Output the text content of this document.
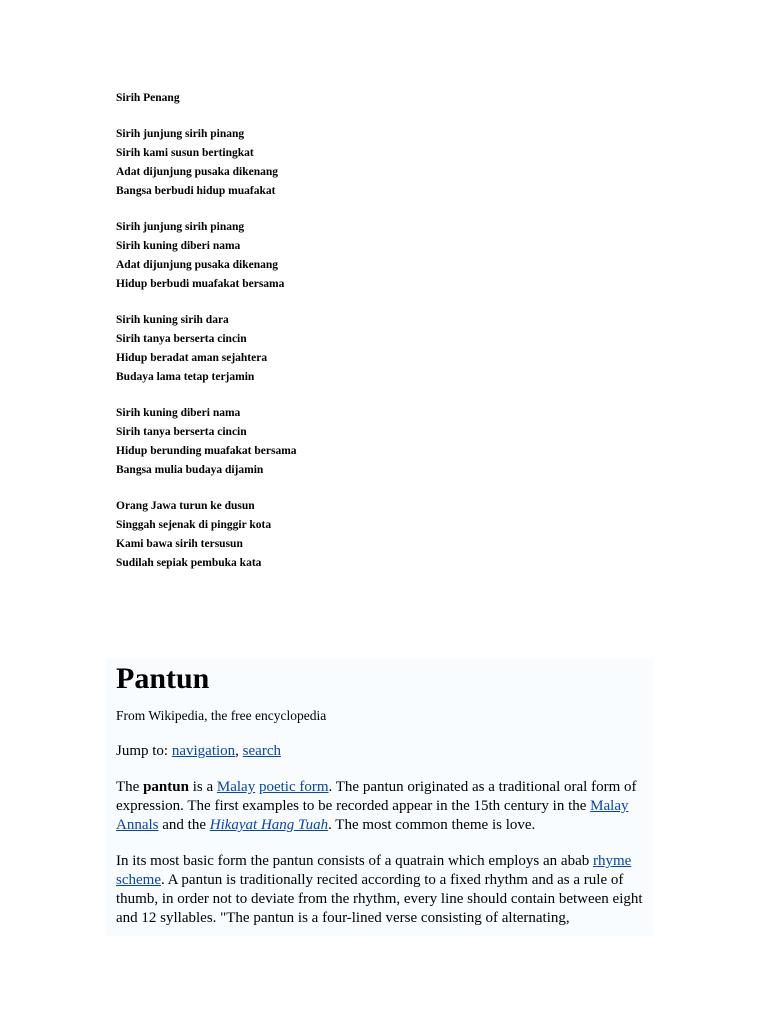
Sirih Penang
Sirih junjung sirih pinang
Sirih kami susun bertingkat
Adat dijunjung pusaka dikenang
Bangsa berbudi hidup muafakat
Sirih junjung sirih pinang
Sirih kuning diberi nama
Adat dijunjung pusaka dikenang
Hidup berbudi muafakat bersama
Sirih kuning sirih dara
Sirih tanya berserta cincin
Hidup beradat aman sejahtera
Budaya lama tetap terjamin
Sirih kuning diberi nama
Sirih tanya berserta cincin
Hidup berunding muafakat bersama
Bangsa mulia budaya dijamin
Orang Jawa turun ke dusun
Singgah sejenak di pinggir kota
Kami bawa sirih tersusun
Sudilah sepiak pembuka kata
Pantun
From Wikipedia, the free encyclopedia
Jump to: navigation, search

The pantun is a Malay poetic form. The pantun originated as a traditional oral form of expression. The first examples to be recorded appear in the 15th century in the Malay Annals and the Hikayat Hang Tuah. The most common theme is love.

In its most basic form the pantun consists of a quatrain which employs an abab rhyme scheme. A pantun is traditionally recited according to a fixed rhythm and as a rule of thumb, in order not to deviate from the rhythm, every line should contain between eight and 12 syllables. "The pantun is a four-lined verse consisting of alternating,
